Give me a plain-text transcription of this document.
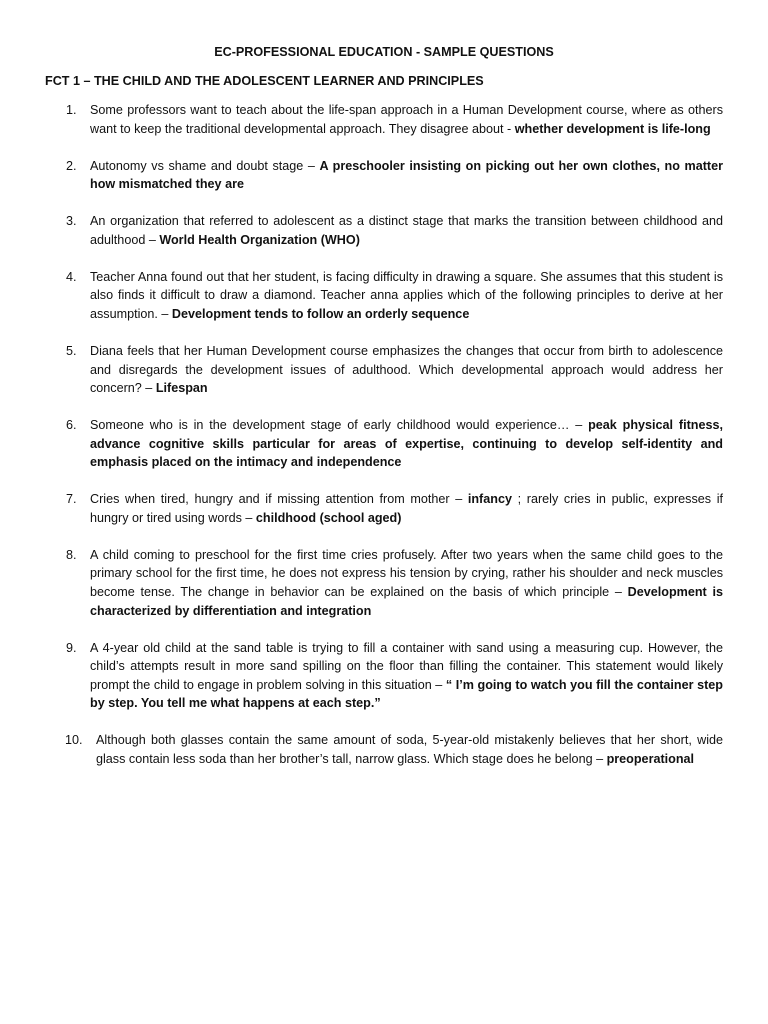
EC-PROFESSIONAL EDUCATION - SAMPLE QUESTIONS
FCT 1 – THE CHILD AND THE ADOLESCENT LEARNER AND PRINCIPLES
1. Some professors want to teach about the life-span approach in a Human Development course, where as others want to keep the traditional developmental approach. They disagree about - whether development is life-long
2. Autonomy vs shame and doubt stage – A preschooler insisting on picking out her own clothes, no matter how mismatched they are
3. An organization that referred to adolescent as a distinct stage that marks the transition between childhood and adulthood – World Health Organization (WHO)
4. Teacher Anna found out that her student, is facing difficulty in drawing a square. She assumes that this student is also finds it difficult to draw a diamond. Teacher anna applies which of the following principles to derive at her assumption. – Development tends to follow an orderly sequence
5. Diana feels that her Human Development course emphasizes the changes that occur from birth to adolescence and disregards the development issues of adulthood. Which developmental approach would address her concern? – Lifespan
6. Someone who is in the development stage of early childhood would experience… – peak physical fitness, advance cognitive skills particular for areas of expertise, continuing to develop self-identity and emphasis placed on the intimacy and independence
7. Cries when tired, hungry and if missing attention from mother – infancy ; rarely cries in public, expresses if hungry or tired using words – childhood (school aged)
8. A child coming to preschool for the first time cries profusely. After two years when the same child goes to the primary school for the first time, he does not express his tension by crying, rather his shoulder and neck muscles become tense. The change in behavior can be explained on the basis of which principle – Development is characterized by differentiation and integration
9. A 4-year old child at the sand table is trying to fill a container with sand using a measuring cup. However, the child’s attempts result in more sand spilling on the floor than filling the container. This statement would likely prompt the child to engage in problem solving in this situation – “ I’m going to watch you fill the container step by step. You tell me what happens at each step.”
10. Although both glasses contain the same amount of soda, 5-year-old mistakenly believes that her short, wide glass contain less soda than her brother’s tall, narrow glass. Which stage does he belong – preoperational
